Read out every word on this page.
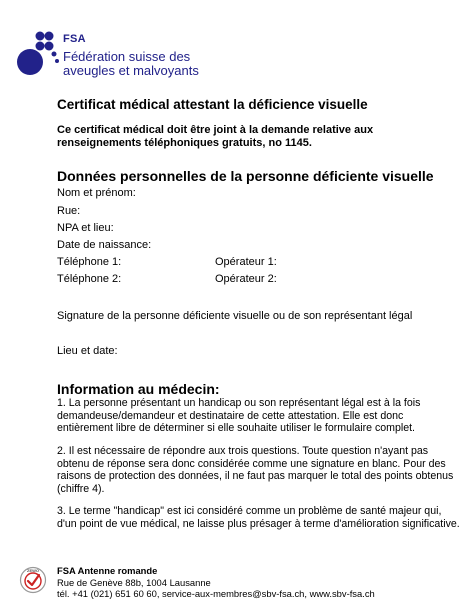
FSA
Fédération suisse des
aveugles et malvoyants
Certificat médical attestant la déficience visuelle
Ce certificat médical doit être joint à la demande relative aux renseignements téléphoniques gratuits, no 1145.
Données personnelles de la personne déficiente visuelle
Nom et prénom:
Rue:
NPA et lieu:
Date de naissance:
Téléphone 1:	Opérateur 1:
Téléphone 2:	Opérateur 2:
Signature de la personne déficiente visuelle ou de son représentant légal
Lieu et date:
Information au médecin:
1. La personne présentant un handicap ou son représentant légal est à la fois demandeuse/demandeur et destinataire de cette attestation. Elle est donc entièrement libre de déterminer si elle souhaite utiliser le formulaire complet.
2. Il est nécessaire de répondre aux trois questions. Toute question n'ayant pas obtenu de réponse sera donc considérée comme une signature en blanc. Pour des raisons de protection des données, il ne faut pas marquer le total des points obtenus (chiffre 4).
3. Le terme "handicap" est ici considéré comme un problème de santé majeur qui, d'un point de vue médical, ne laisse plus présager à terme d'amélioration significative.
ZEWO FSA Antenne romande
Rue de Genève 88b, 1004 Lausanne
tél. +41 (021) 651 60 60, service-aux-membres@sbv-fsa.ch, www.sbv-fsa.ch
